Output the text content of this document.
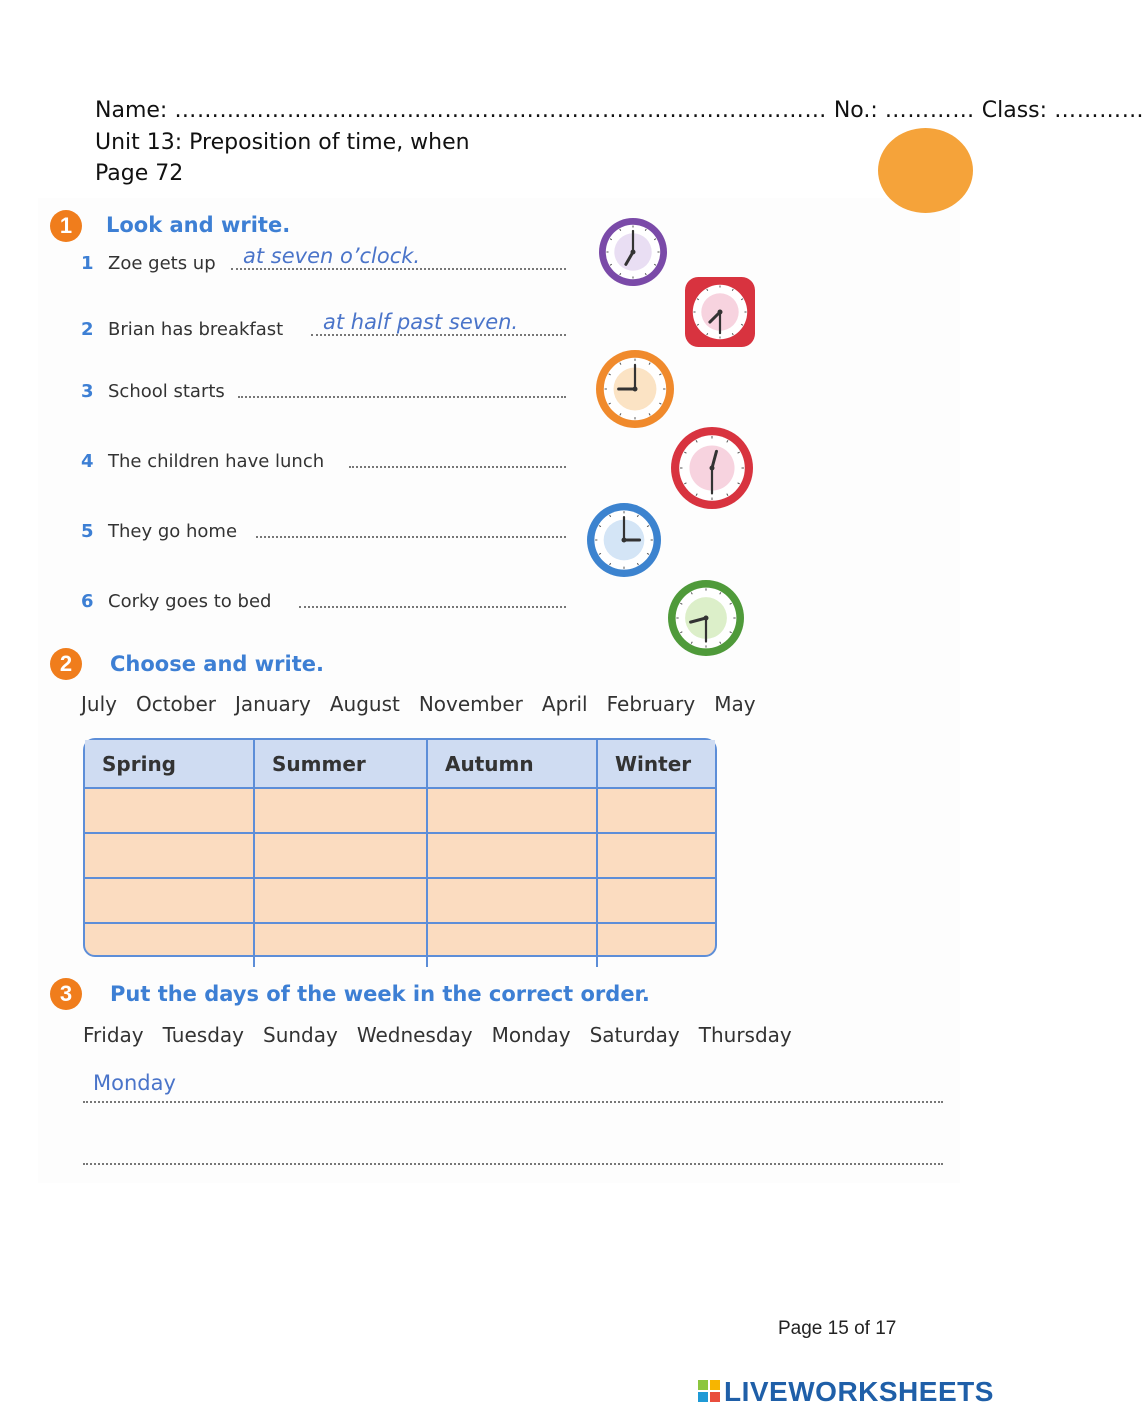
Name: …………………………………………………………………………… No.: ………… Class: …………
Unit 13: Preposition of time, when
Page 72
1	Look and write.
1 Zoe gets up at seven o’clock.
2 Brian has breakfast at half past seven.
3 School starts
4 The children have lunch
5 They go home
6 Corky goes to bed
2	Choose and write.
July October January August November April February May
Spring	Summer	Autumn	Winter

3	Put the days of the week in the correct order.
Friday Tuesday Sunday Wednesday Monday Saturday Thursday
Monday
Page 15 of 17
LIVEWORKSHEETS
